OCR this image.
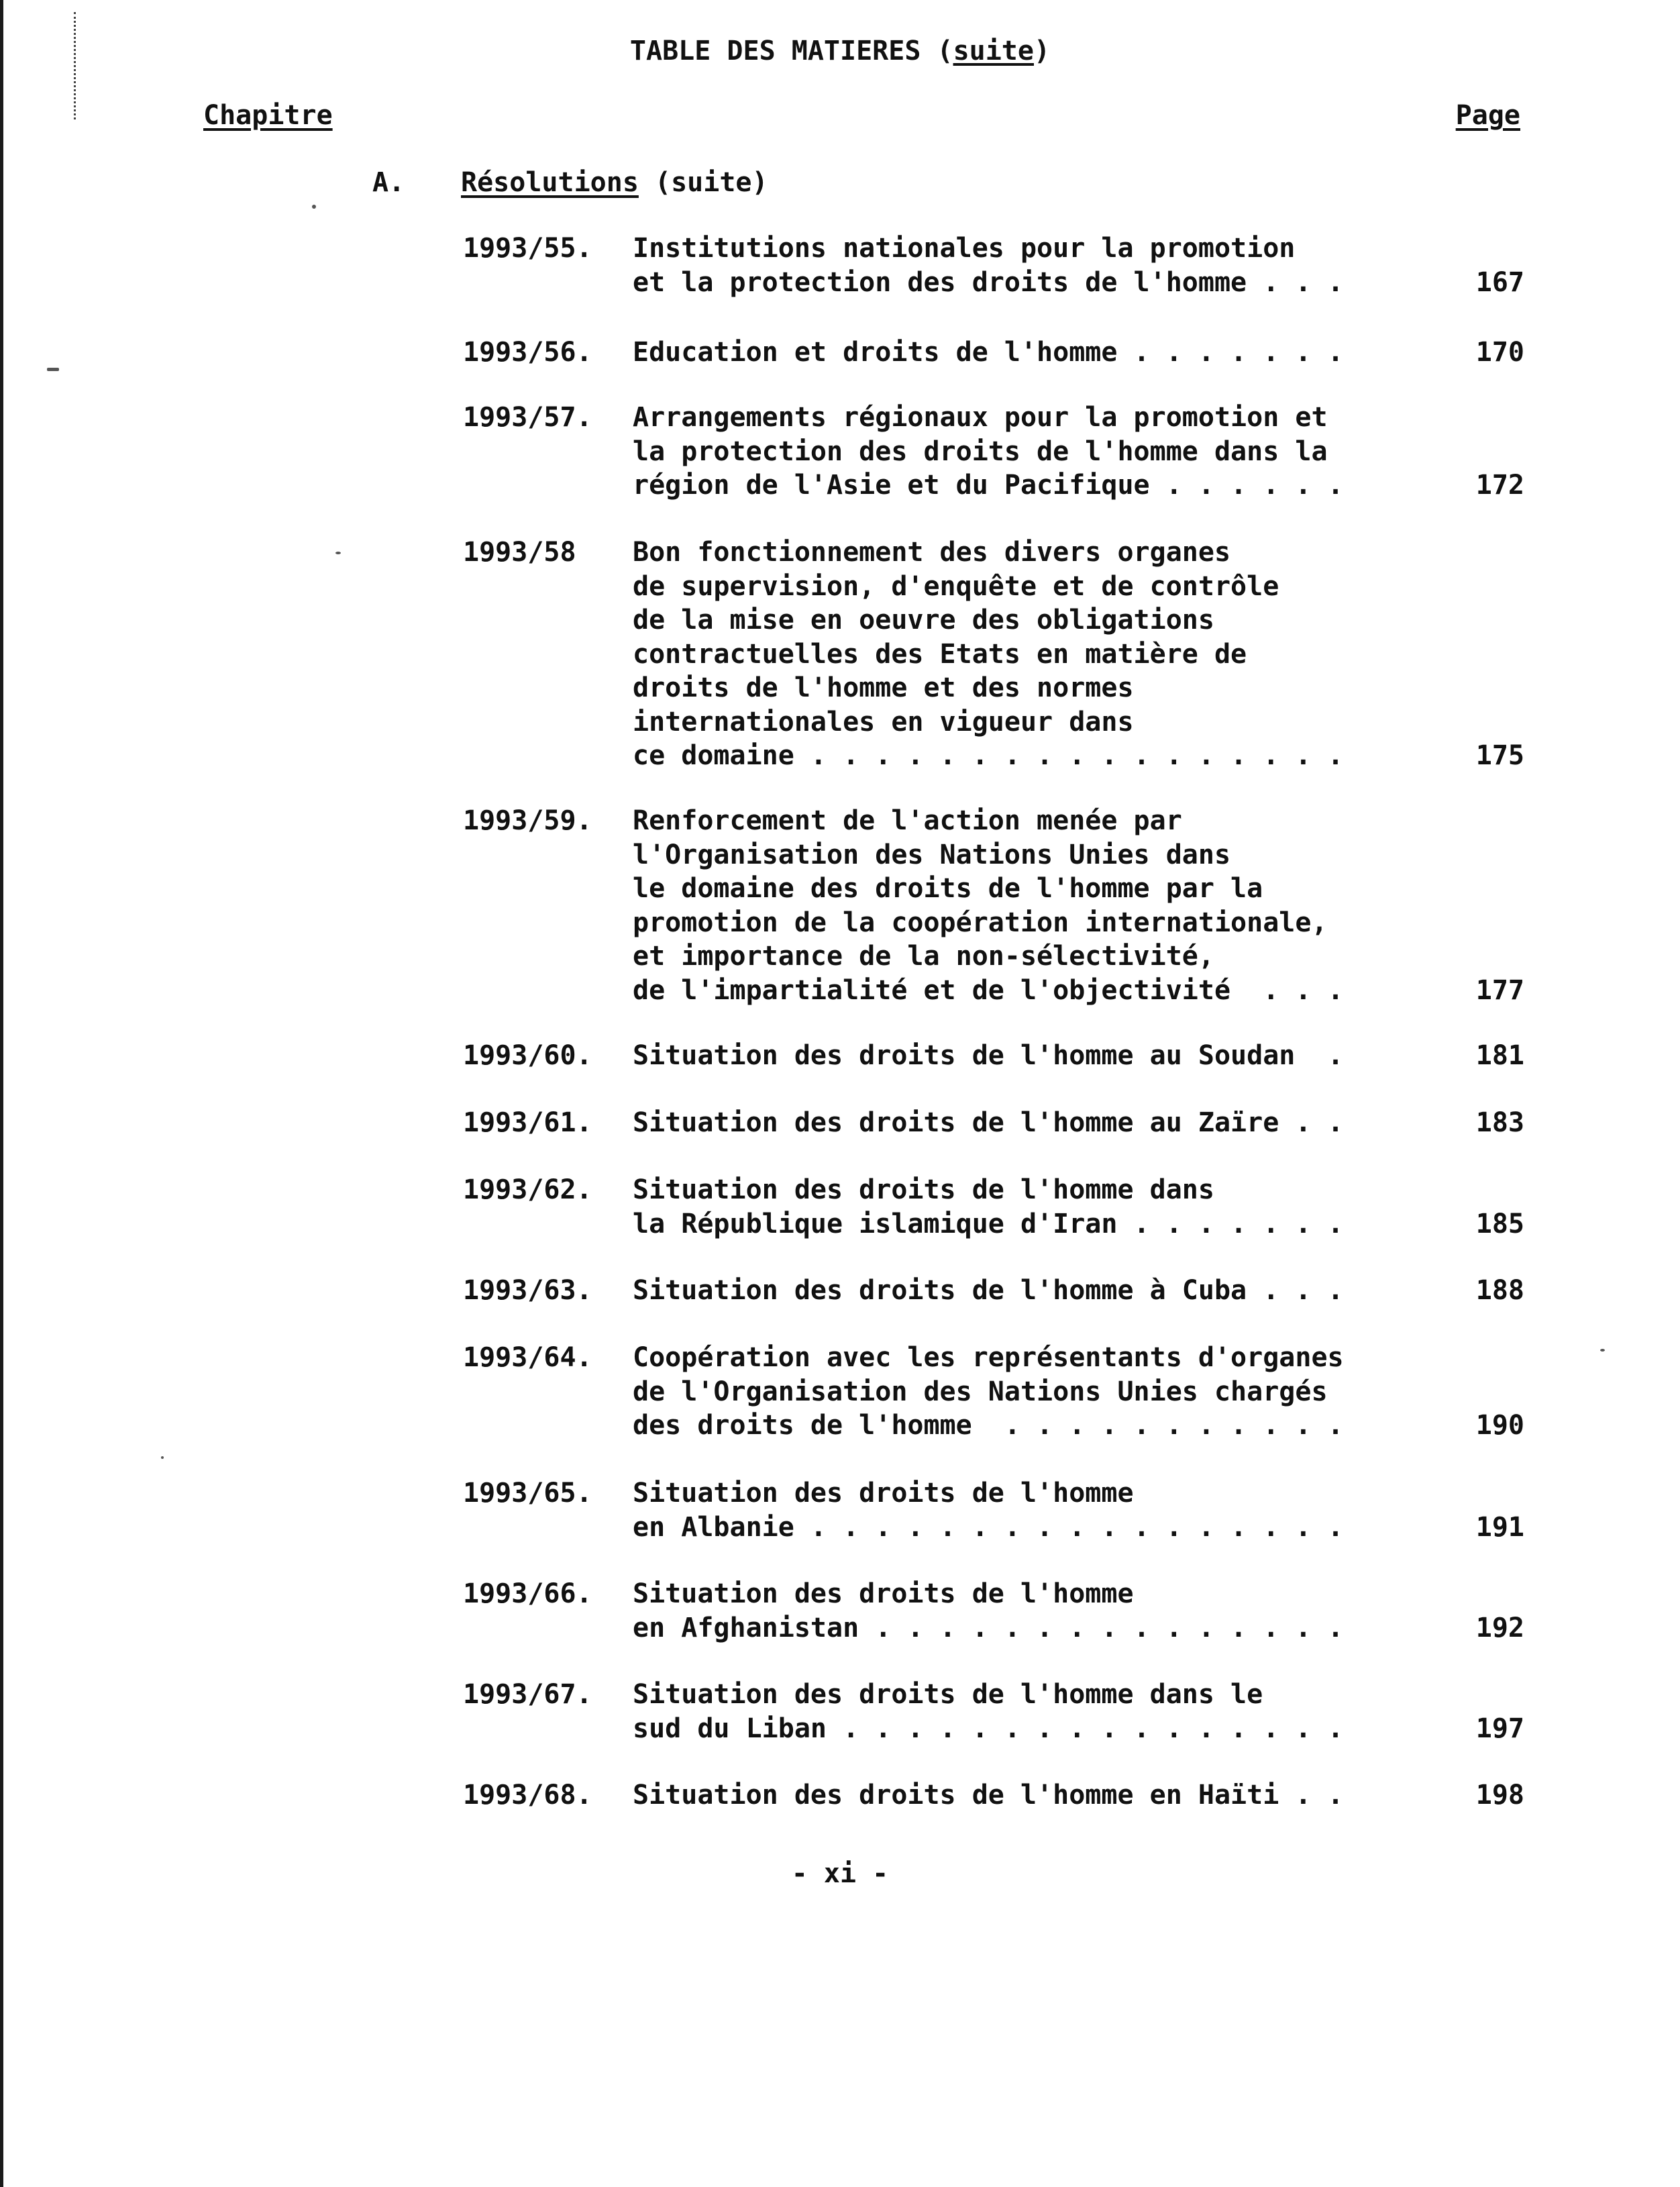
TABLE DES MATIERES (suite)
Chapitre	Page
A. Résolutions (suite)
1993/55. Institutions nationales pour la promotion
et la protection des droits de l'homme . . .	167
1993/56. Education et droits de l'homme . . . . . . .	170
1993/57. Arrangements régionaux pour la promotion et
la protection des droits de l'homme dans la
région de l'Asie et du Pacifique . . . . . .	172
1993/58 Bon fonctionnement des divers organes
de supervision, d'enquête et de contrôle
de la mise en oeuvre des obligations
contractuelles des Etats en matière de
droits de l'homme et des normes
internationales en vigueur dans
ce domaine . . . . . . . . . . . . . . . . .	175
1993/59. Renforcement de l'action menée par
l'Organisation des Nations Unies dans
le domaine des droits de l'homme par la
promotion de la coopération internationale,
et importance de la non-sélectivité,
de l'impartialité et de l'objectivité  . . .	177
1993/60. Situation des droits de l'homme au Soudan  .	181
1993/61. Situation des droits de l'homme au Zaïre . .	183
1993/62. Situation des droits de l'homme dans
la République islamique d'Iran . . . . . . .	185
1993/63. Situation des droits de l'homme à Cuba . . .	188
1993/64. Coopération avec les représentants d'organes
de l'Organisation des Nations Unies chargés
des droits de l'homme  . . . . . . . . . . .	190
1993/65. Situation des droits de l'homme
en Albanie . . . . . . . . . . . . . . . . .	191
1993/66. Situation des droits de l'homme
en Afghanistan . . . . . . . . . . . . . . .	192
1993/67. Situation des droits de l'homme dans le
sud du Liban . . . . . . . . . . . . . . . .	197
1993/68. Situation des droits de l'homme en Haïti . .	198
- xi -
